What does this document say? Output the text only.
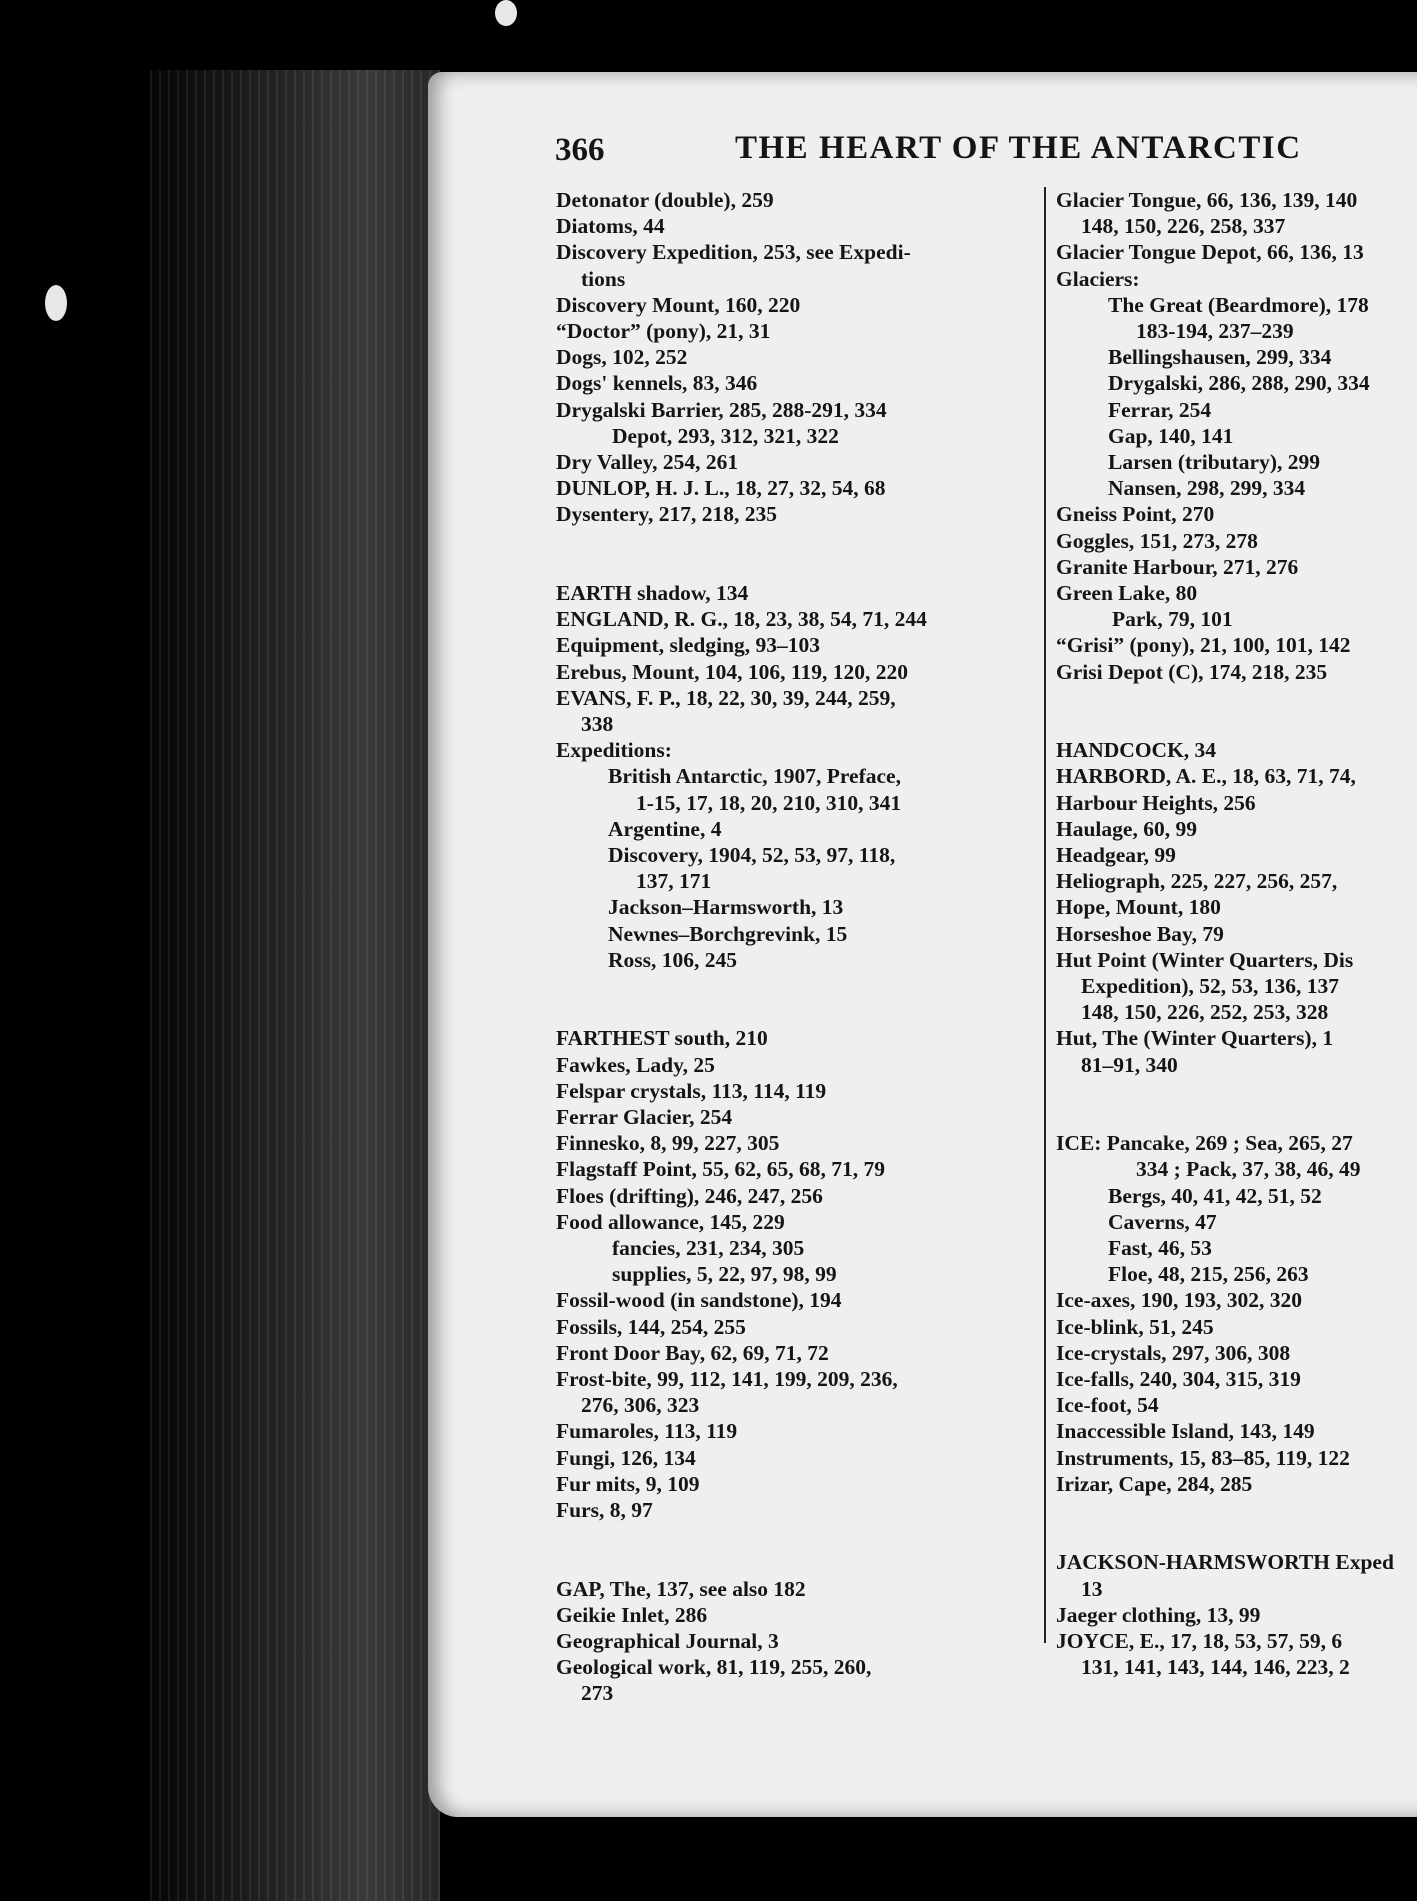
366	THE HEART OF THE ANTARCTIC
Detonator (double), 259
Diatoms, 44
Discovery Expedition, 253, see Expedi-
tions
Discovery Mount, 160, 220
“Doctor” (pony), 21, 31
Dogs, 102, 252
Dogs' kennels, 83, 346
Drygalski Barrier, 285, 288-291, 334
Depot, 293, 312, 321, 322
Dry Valley, 254, 261
DUNLOP, H. J. L., 18, 27, 32, 54, 68
Dysentery, 217, 218, 235
EARTH shadow, 134
ENGLAND, R. G., 18, 23, 38, 54, 71, 244
Equipment, sledging, 93–103
Erebus, Mount, 104, 106, 119, 120, 220
EVANS, F. P., 18, 22, 30, 39, 244, 259,
338
Expeditions:
British Antarctic, 1907, Preface,
1-15, 17, 18, 20, 210, 310, 341
Argentine, 4
Discovery, 1904, 52, 53, 97, 118,
137, 171
Jackson–Harmsworth, 13
Newnes–Borchgrevink, 15
Ross, 106, 245
FARTHEST south, 210
Fawkes, Lady, 25
Felspar crystals, 113, 114, 119
Ferrar Glacier, 254
Finnesko, 8, 99, 227, 305
Flagstaff Point, 55, 62, 65, 68, 71, 79
Floes (drifting), 246, 247, 256
Food allowance, 145, 229
fancies, 231, 234, 305
supplies, 5, 22, 97, 98, 99
Fossil-wood (in sandstone), 194
Fossils, 144, 254, 255
Front Door Bay, 62, 69, 71, 72
Frost-bite, 99, 112, 141, 199, 209, 236,
276, 306, 323
Fumaroles, 113, 119
Fungi, 126, 134
Fur mits, 9, 109
Furs, 8, 97
GAP, The, 137, see also 182
Geikie Inlet, 286
Geographical Journal, 3
Geological work, 81, 119, 255, 260,
273
Glacier Tongue, 66, 136, 139, 140
148, 150, 226, 258, 337
Glacier Tongue Depot, 66, 136, 13
Glaciers:
The Great (Beardmore), 178
183-194, 237–239
Bellingshausen, 299, 334
Drygalski, 286, 288, 290, 334
Ferrar, 254
Gap, 140, 141
Larsen (tributary), 299
Nansen, 298, 299, 334
Gneiss Point, 270
Goggles, 151, 273, 278
Granite Harbour, 271, 276
Green Lake, 80
Park, 79, 101
“Grisi” (pony), 21, 100, 101, 142
Grisi Depot (C), 174, 218, 235
HANDCOCK, 34
HARBORD, A. E., 18, 63, 71, 74,
Harbour Heights, 256
Haulage, 60, 99
Headgear, 99
Heliograph, 225, 227, 256, 257,
Hope, Mount, 180
Horseshoe Bay, 79
Hut Point (Winter Quarters, Dis
Expedition), 52, 53, 136, 137
148, 150, 226, 252, 253, 328
Hut, The (Winter Quarters), 1
81–91, 340
ICE: Pancake, 269 ; Sea, 265, 27
334 ; Pack, 37, 38, 46, 49
Bergs, 40, 41, 42, 51, 52
Caverns, 47
Fast, 46, 53
Floe, 48, 215, 256, 263
Ice-axes, 190, 193, 302, 320
Ice-blink, 51, 245
Ice-crystals, 297, 306, 308
Ice-falls, 240, 304, 315, 319
Ice-foot, 54
Inaccessible Island, 143, 149
Instruments, 15, 83–85, 119, 122
Irizar, Cape, 284, 285
JACKSON-HARMSWORTH Exped
13
Jaeger clothing, 13, 99
JOYCE, E., 17, 18, 53, 57, 59, 6
131, 141, 143, 144, 146, 223, 2
